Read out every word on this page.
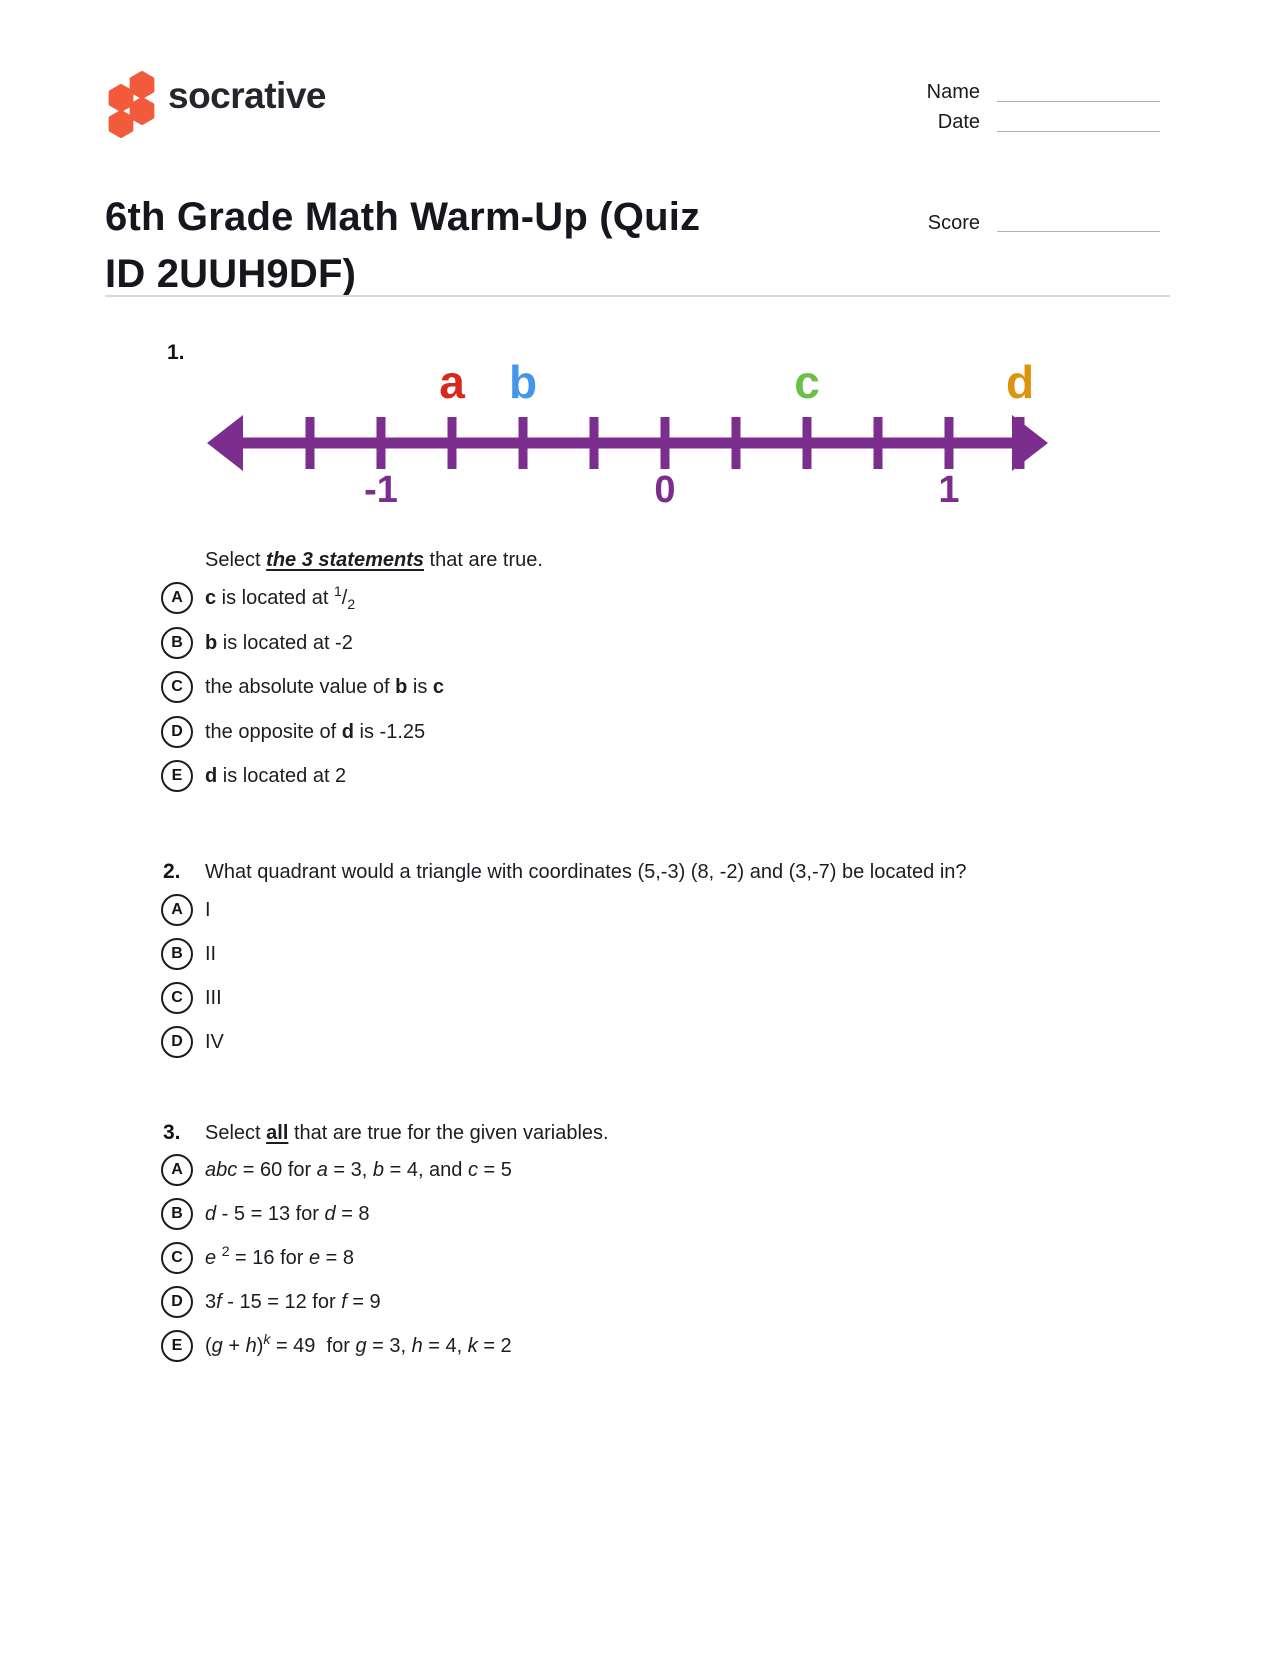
socrative	Name
Date
Score
6th Grade Math Warm-Up (Quiz
ID 2UUH9DF)
1.
-1	0	1
a b	c	d

Select the 3 statements that are true.

A	c is located at $^1/_2$
B	b is located at -2
C	the absolute value of b is c
D	the opposite of d is -1.25
E	d is located at 2
2. What quadrant would a triangle with coordinates (5,-3) (8, -2) and (3,-7) be located in?

A	I
B	II
C	III
D	IV
3. Select all that are true for the given variables.

A	abc = 60 for a = 3, b = 4, and c = 5
B	d - 5 = 13 for d = 8
C	e $^2$ = 16 for e = 8
D	3f - 15 = 12 for f = 9
E	$(g + h)^k = 49$  for g = 3, h = 4, k = 2
